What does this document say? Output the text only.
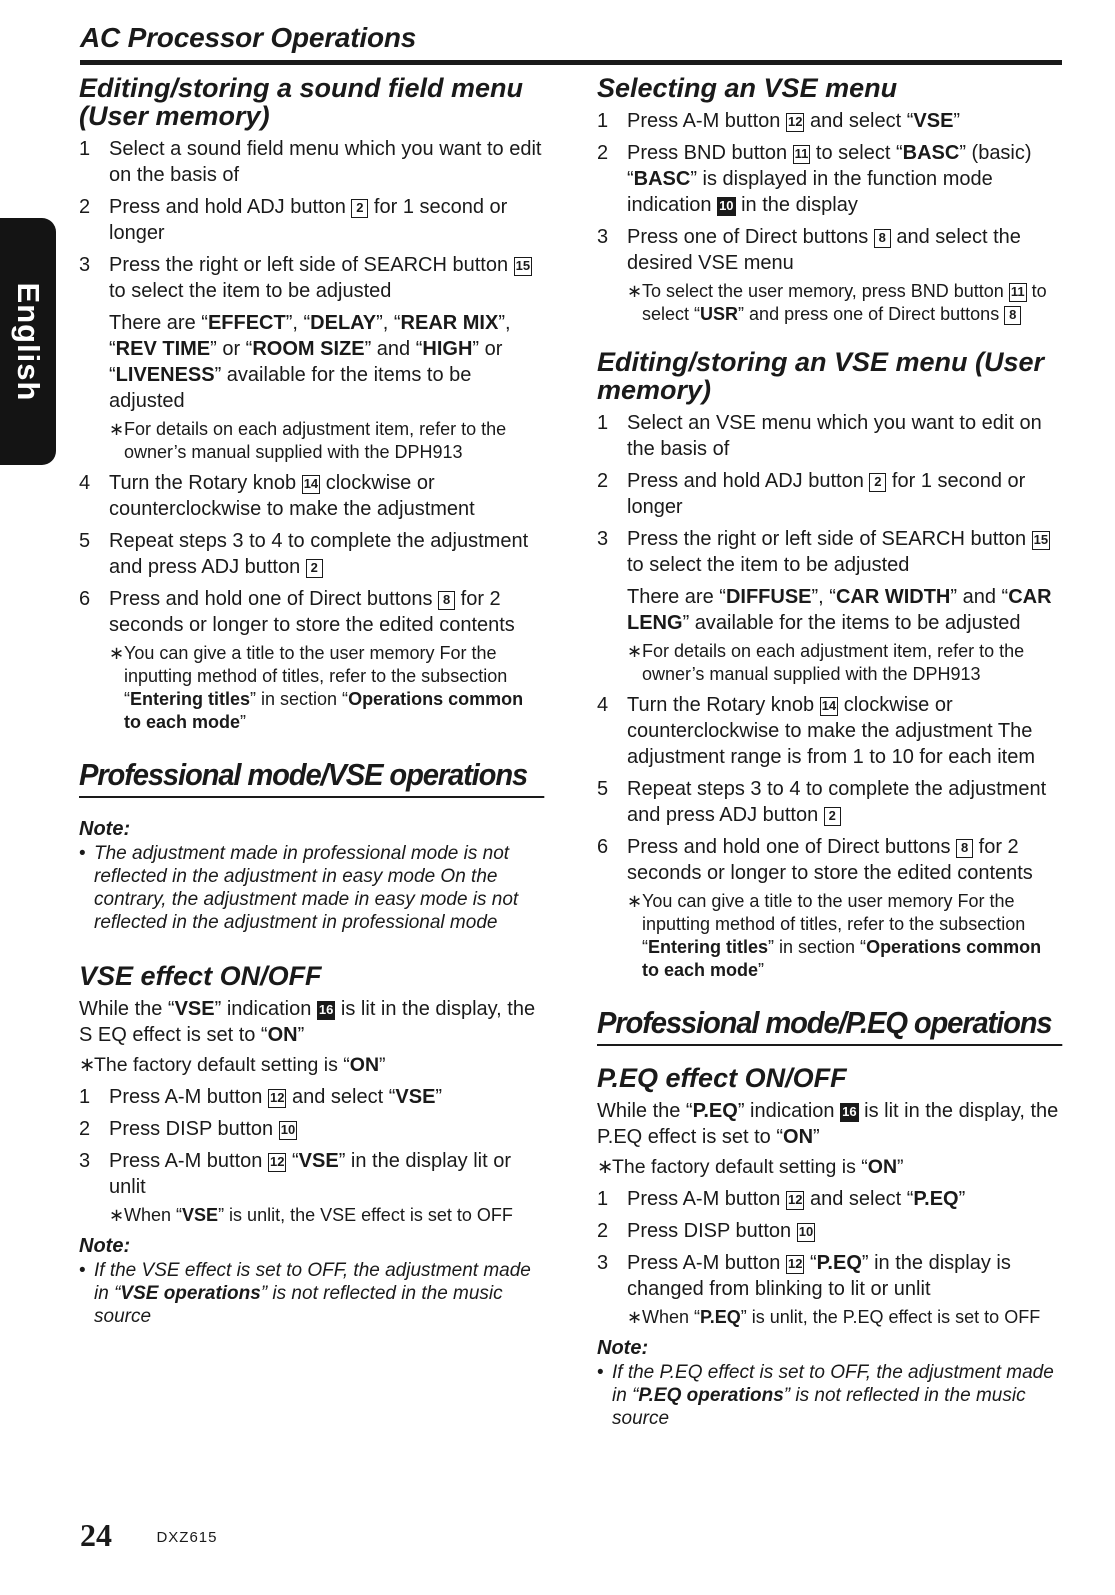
AC Processor Operations
English
Editing/storing a sound field menu
(User memory)
1 Select a sound field menu which you want to edit on the basis of

2 Press and hold ADJ button 2 for 1 second or longer

3 Press the right or left side of SEARCH button 15 to select the item to be adjusted

There are “EFFECT”, “DELAY”, “REAR MIX”, “REV TIME” or “ROOM SIZE” and “HIGH” or “LIVENESS” available for the items to be adjusted

∗ For details on each adjustment item, refer to the owner’s manual supplied with the DPH913
4 Turn the Rotary knob 14 clockwise or counterclockwise to make the adjustment

5 Repeat steps 3 to 4 to complete the adjustment and press ADJ button 2

6 Press and hold one of Direct buttons 8 for 2 seconds or longer to store the edited contents

∗ You can give a title to the user memory For the inputting method of titles, refer to the subsection “Entering titles” in section “Operations common to each mode”
Professional mode/VSE operations
Note:
• The adjustment made in professional mode is not reflected in the adjustment in easy mode On the contrary, the adjustment made in easy mode is not reflected in the adjustment in professional mode
VSE effect ON/OFF
While the “VSE” indication 16 is lit in the display, the S EQ effect is set to “ON”
∗
The factory default setting is “ON”
1 Press A-M button 12 and select “VSE”

2 Press DISP button 10

3 Press A-M button 12 “VSE” in the display lit or unlit

∗ When “VSE” is unlit, the VSE effect is set to OFF
Note:
• If the VSE effect is set to OFF, the adjustment made in “VSE operations” is not reflected in the music source
Selecting an VSE menu
1 Press A-M button 12 and select “VSE”

2 Press BND button 11 to select “BASC” (basic) “BASC” is displayed in the function mode indication 10 in the display

3 Press one of Direct buttons 8 and select the desired VSE menu

∗ To select the user memory, press BND button 11 to select “USR” and press one of Direct buttons 8
Editing/storing an VSE menu (User
memory)
1 Select an VSE menu which you want to edit on the basis of

2 Press and hold ADJ button 2 for 1 second or longer

3 Press the right or left side of SEARCH button 15 to select the item to be adjusted

There are “DIFFUSE”, “CAR WIDTH” and “CAR LENG” available for the items to be adjusted

∗ For details on each adjustment item, refer to the owner’s manual supplied with the DPH913
4 Turn the Rotary knob 14 clockwise or counterclockwise to make the adjustment The adjustment range is from 1 to 10 for each item

5 Repeat steps 3 to 4 to complete the adjustment and press ADJ button 2

6 Press and hold one of Direct buttons 8 for 2 seconds or longer to store the edited contents

∗ You can give a title to the user memory For the inputting method of titles, refer to the subsection “Entering titles” in section “Operations common to each mode”
Professional mode/P.EQ operations
P.EQ effect ON/OFF
While the “P.EQ” indication 16 is lit in the display, the P.EQ effect is set to “ON”
∗
The factory default setting is “ON”
1 Press A-M button 12 and select “P.EQ”

2 Press DISP button 10

3 Press A-M button 12 “P.EQ” in the display is changed from blinking to lit or unlit

∗ When “P.EQ” is unlit, the P.EQ effect is set to OFF
Note:
• If the P.EQ effect is set to OFF, the adjustment made in “P.EQ operations” is not reflected in the music source
24	DXZ615
